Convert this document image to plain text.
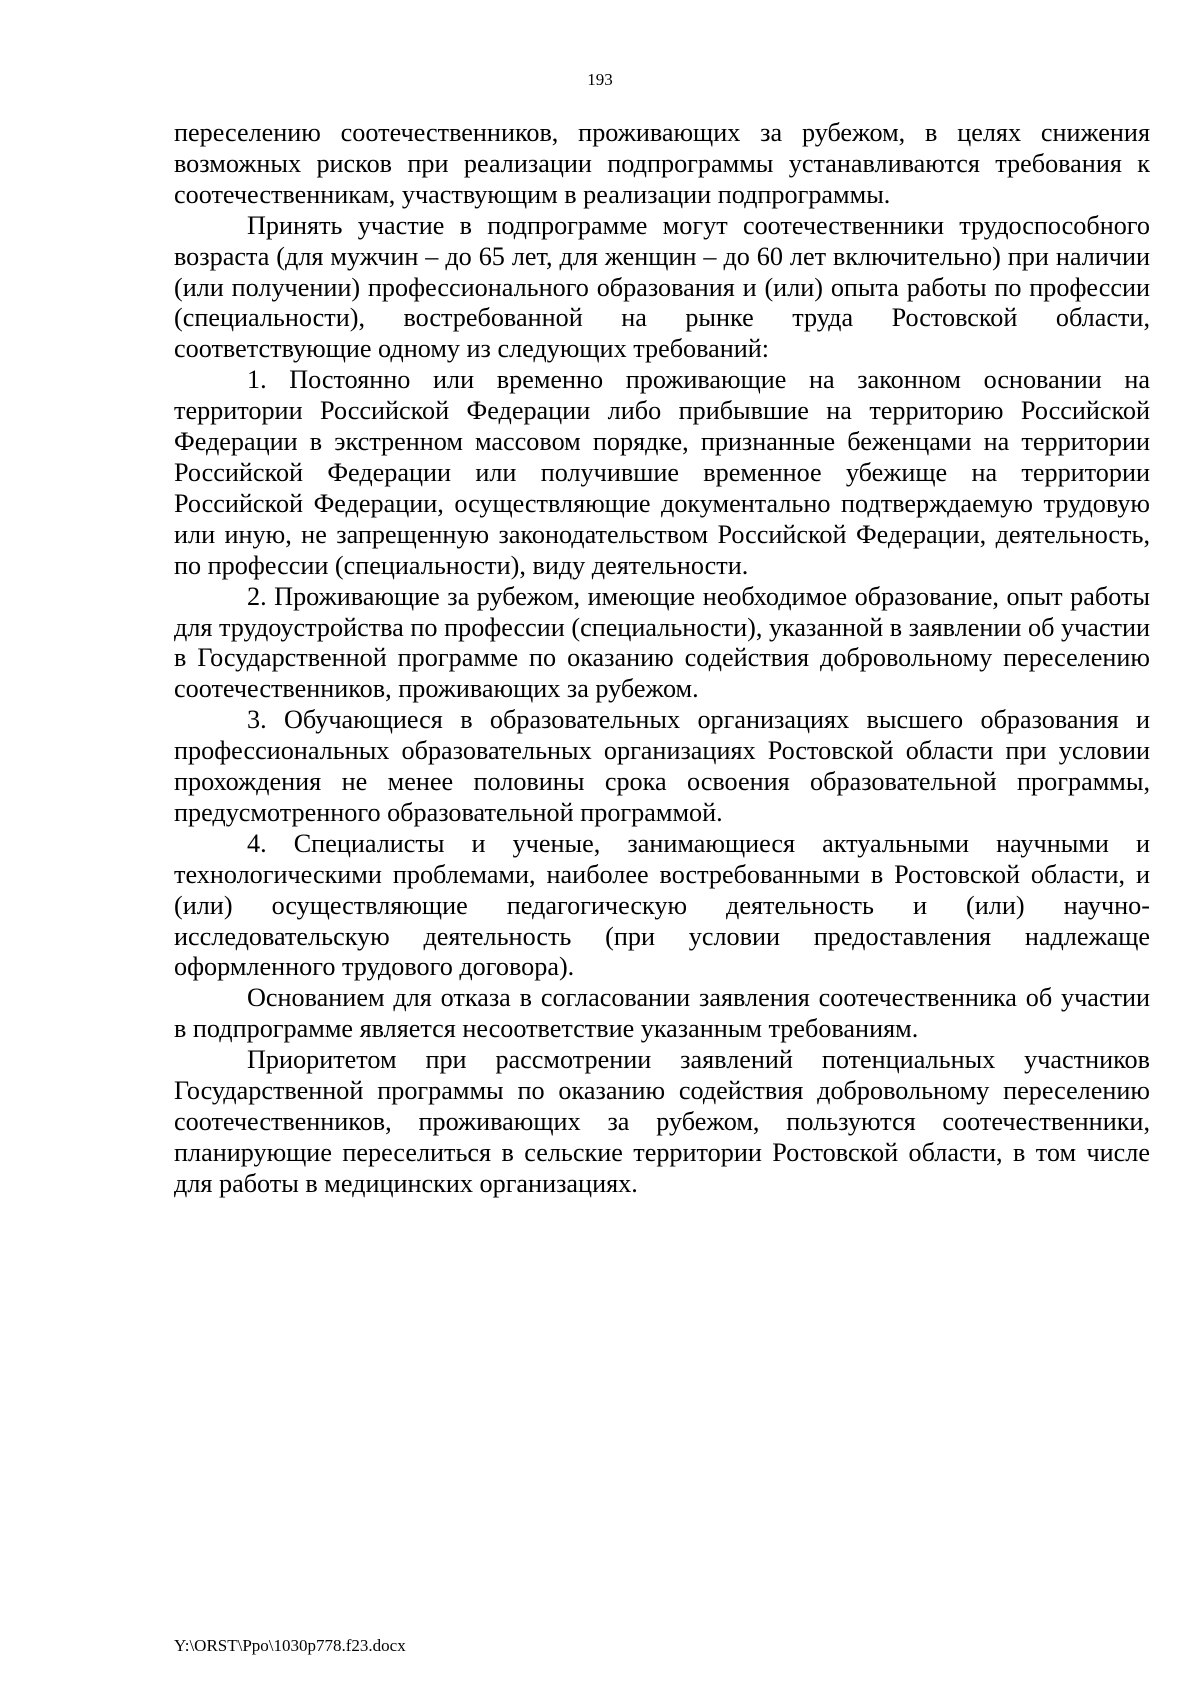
193

переселению соотечественников, проживающих за рубежом, в целях снижения возможных рисков при реализации подпрограммы устанавливаются требования к соотечественникам, участвующим в реализации подпрограммы.

Принять участие в подпрограмме могут соотечественники трудоспособного возраста (для мужчин – до 65 лет, для женщин – до 60 лет включительно) при наличии (или получении) профессионального образования и (или) опыта работы по профессии (специальности), востребованной на рынке труда Ростовской области, соответствующие одному из следующих требований:

1. Постоянно или временно проживающие на законном основании на территории Российской Федерации либо прибывшие на территорию Российской Федерации в экстренном массовом порядке, признанные беженцами на территории Российской Федерации или получившие временное убежище на территории Российской Федерации, осуществляющие документально подтверждаемую трудовую или иную, не запрещенную законодательством Российской Федерации, деятельность, по профессии (специальности), виду деятельности.

2. Проживающие за рубежом, имеющие необходимое образование, опыт работы для трудоустройства по профессии (специальности), указанной в заявлении об участии в Государственной программе по оказанию содействия добровольному переселению соотечественников, проживающих за рубежом.

3. Обучающиеся в образовательных организациях высшего образования и профессиональных образовательных организациях Ростовской области при условии прохождения не менее половины срока освоения образовательной программы, предусмотренного образовательной программой.

4. Специалисты и ученые, занимающиеся актуальными научными и технологическими проблемами, наиболее востребованными в Ростовской области, и (или) осуществляющие педагогическую деятельность и (или) научно-исследовательскую деятельность (при условии предоставления надлежаще оформленного трудового договора).

Основанием для отказа в согласовании заявления соотечественника об участии в подпрограмме является несоответствие указанным требованиям.

Приоритетом при рассмотрении заявлений потенциальных участников Государственной программы по оказанию содействия добровольному переселению соотечественников, проживающих за рубежом, пользуются соотечественники, планирующие переселиться в сельские территории Ростовской области, в том числе для работы в медицинских организациях.

Y:\ORST\Ppo\1030p778.f23.docx
